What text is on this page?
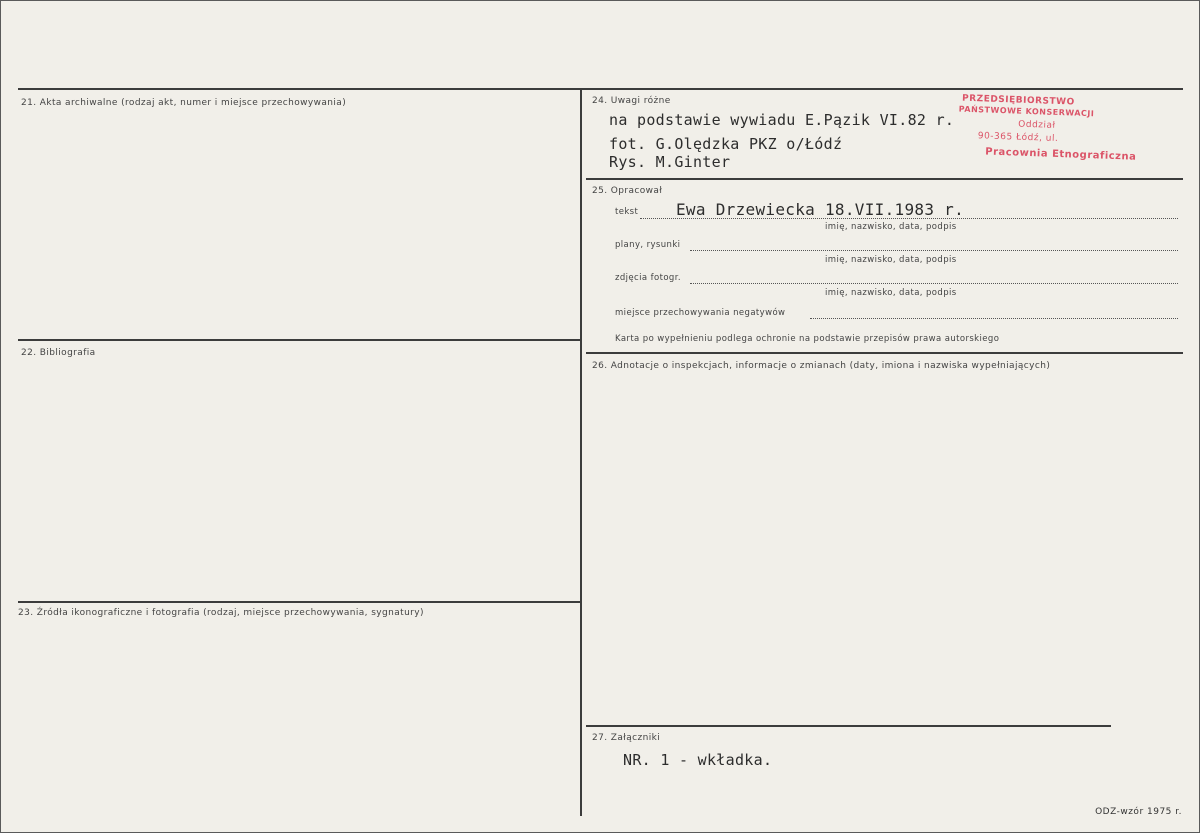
21. Akta archiwalne (rodzaj akt, numer i miejsce przechowywania)
22. Bibliografia
23. Źródła ikonograficzne i fotografia (rodzaj, miejsce przechowywania, sygnatury)
24. Uwagi różne
na podstawie wywiadu E.Pązik VI.82 r.
fot. G.Olędzka PKZ o/Łódź
Rys. M.Ginter
PRZEDSIĘBIORSTWO
PAŃSTWOWE KONSERWACJI
Oddział
90-365 Łódź, ul.
Pracownia Etnograficzna
25. Opracował
tekst Ewa Drzewiecka 18.VII.1983 r.
imię, nazwisko, data, podpis
plany, rysunki
imię, nazwisko, data, podpis
zdjęcia fotogr.
imię, nazwisko, data, podpis
miejsce przechowywania negatywów
Karta po wypełnieniu podlega ochronie na podstawie przepisów prawa autorskiego
26. Adnotacje o inspekcjach, informacje o zmianach (daty, imiona i nazwiska wypełniających)
27. Załączniki
NR. 1 - wkładka.
ODZ-wzór 1975 r.
